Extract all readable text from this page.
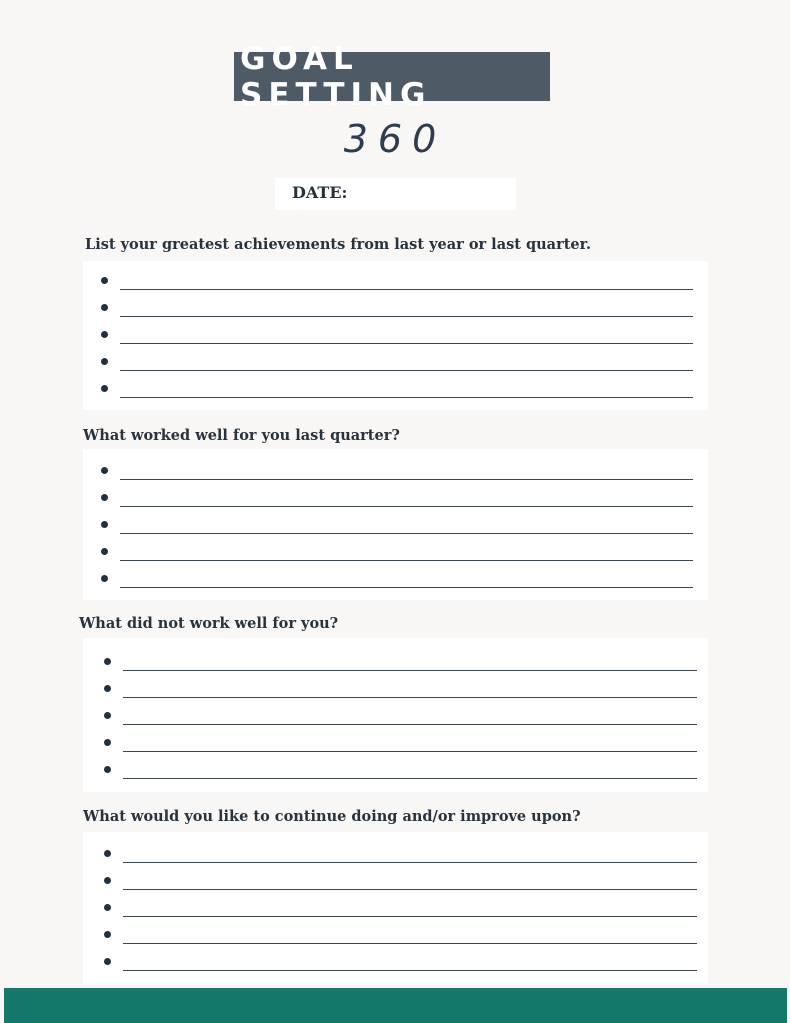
GOAL SETTING
360
DATE:
List your greatest achievements from last year or last quarter.
What worked well for you last quarter?
What did not work well for you?
What would you like to continue doing and/or improve upon?
